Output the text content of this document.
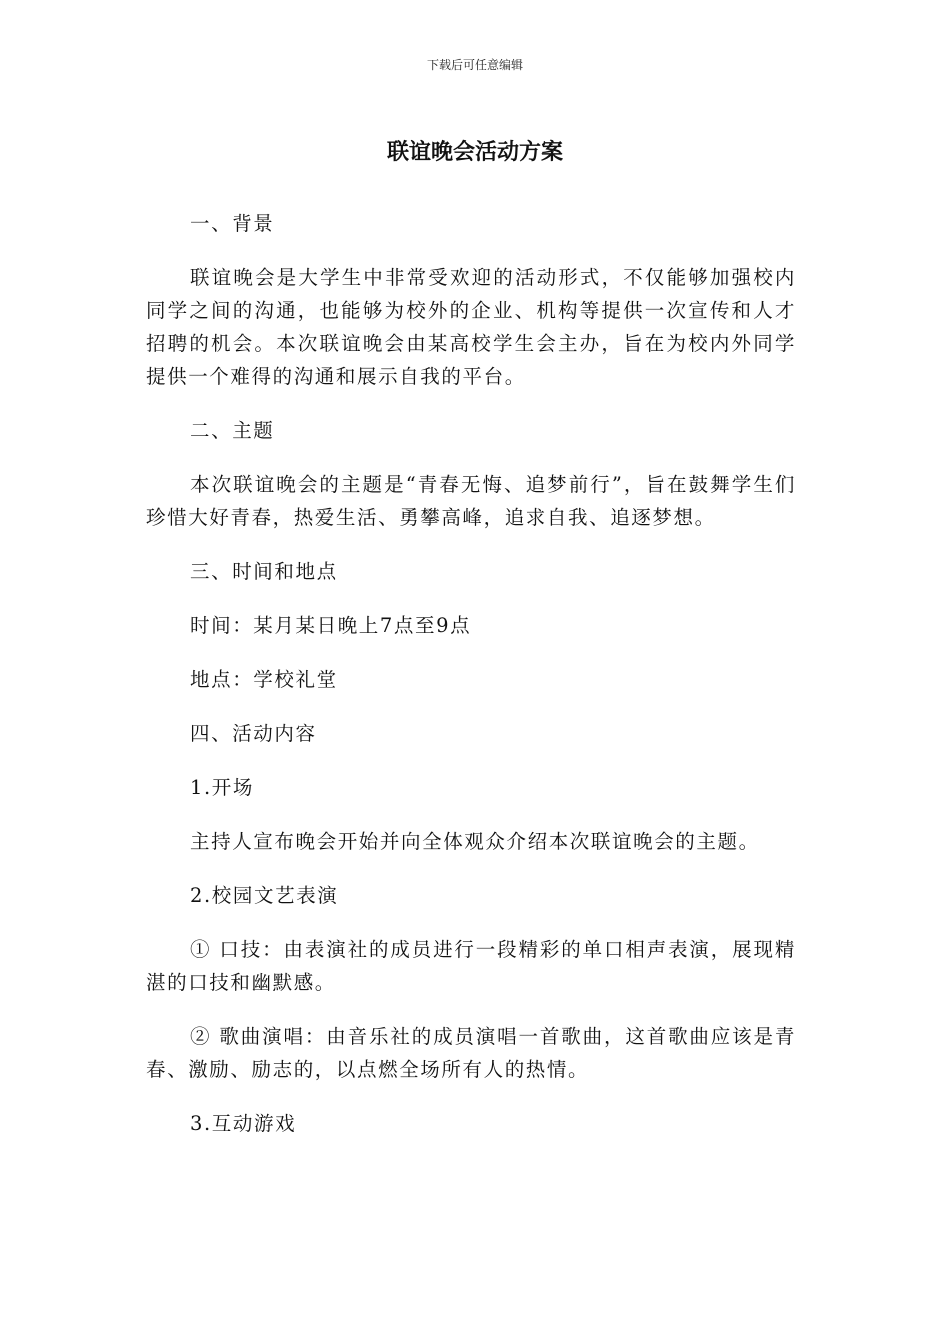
下载后可任意编辑
联谊晚会活动方案

一、背景

联谊晚会是大学生中非常受欢迎的活动形式，不仅能够加强校内同学之间的沟通，也能够为校外的企业、机构等提供一次宣传和人才招聘的机会。本次联谊晚会由某高校学生会主办，旨在为校内外同学提供一个难得的沟通和展示自我的平台。

二、主题

本次联谊晚会的主题是“青春无悔、追梦前行”，旨在鼓舞学生们珍惜大好青春，热爱生活、勇攀高峰，追求自我、追逐梦想。

三、时间和地点

时间：某月某日晚上7点至9点

地点：学校礼堂

四、活动内容

1.开场

主持人宣布晚会开始并向全体观众介绍本次联谊晚会的主题。

2.校园文艺表演

① 口技：由表演社的成员进行一段精彩的单口相声表演，展现精湛的口技和幽默感。

② 歌曲演唱：由音乐社的成员演唱一首歌曲，这首歌曲应该是青春、激励、励志的，以点燃全场所有人的热情。

3.互动游戏
